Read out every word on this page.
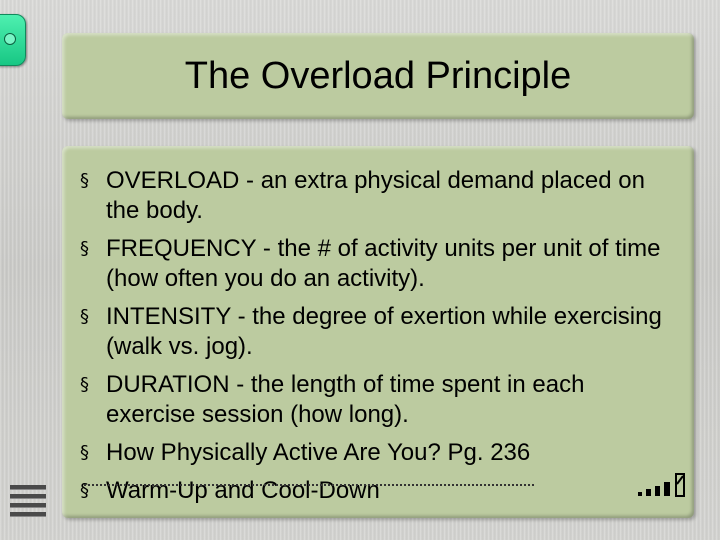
The Overload Principle
§ OVERLOAD - an extra physical demand placed on the body.
§ FREQUENCY - the # of activity units per unit of time (how often you do an activity).
§ INTENSITY - the degree of exertion while exercising (walk vs. jog).
§ DURATION - the length of time spent in each exercise session (how long).
§ How Physically Active Are You? Pg. 236
§ Warm-Up and Cool-Down
